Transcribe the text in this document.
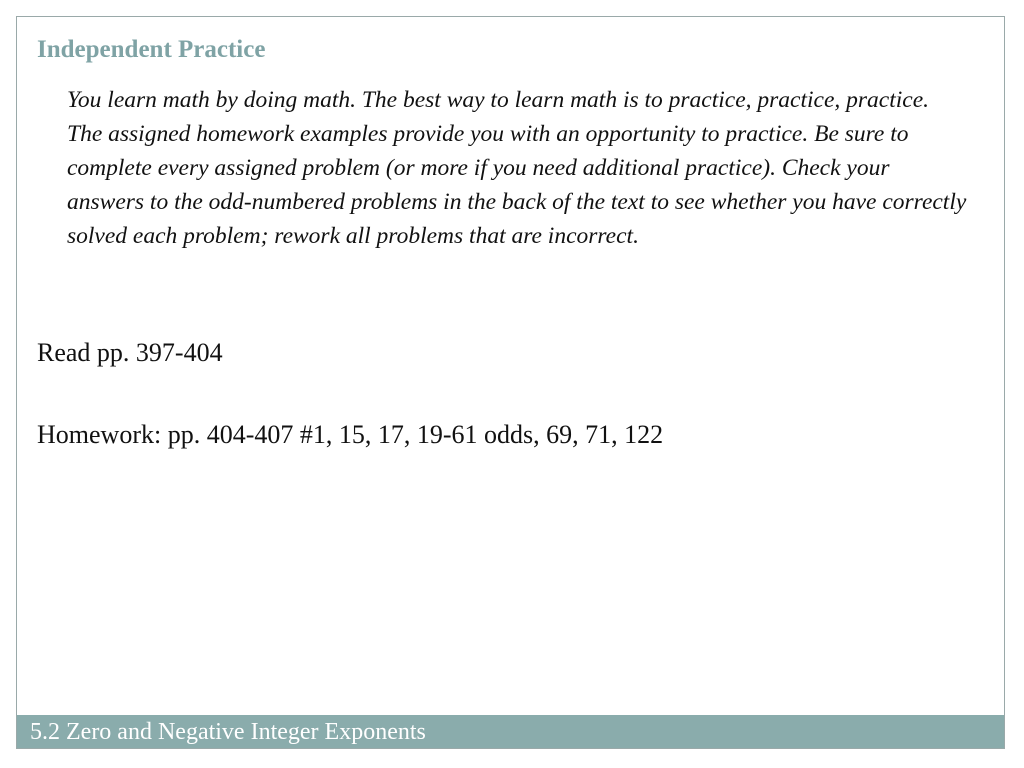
Independent Practice

You learn math by doing math. The best way to learn math is to practice, practice, practice. The assigned homework examples provide you with an opportunity to practice. Be sure to complete every assigned problem (or more if you need additional practice). Check your answers to the odd-numbered problems in the back of the text to see whether you have correctly solved each problem; rework all problems that are incorrect.

Read pp. 397-404

Homework: pp. 404-407 #1, 15, 17, 19-61 odds, 69, 71, 122

5.2 Zero and Negative Integer Exponents
